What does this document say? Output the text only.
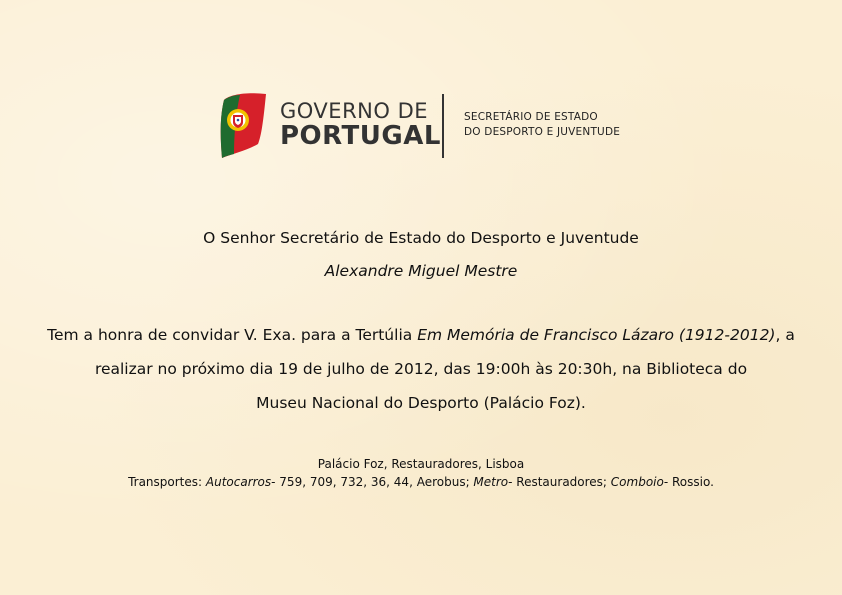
GOVERNO DE
PORTUGAL
SECRETÁRIO DE ESTADO
DO DESPORTO E JUVENTUDE
O Senhor Secretário de Estado do Desporto e Juventude
Alexandre Miguel Mestre
Tem a honra de convidar V. Exa. para a Tertúlia Em Memória de Francisco Lázaro (1912-2012), a realizar no próximo dia 19 de julho de 2012, das 19:00h às 20:30h, na Biblioteca do
Museu Nacional do Desporto (Palácio Foz).
Palácio Foz, Restauradores, Lisboa
Transportes: Autocarros- 759, 709, 732, 36, 44, Aerobus; Metro- Restauradores; Comboio- Rossio.
